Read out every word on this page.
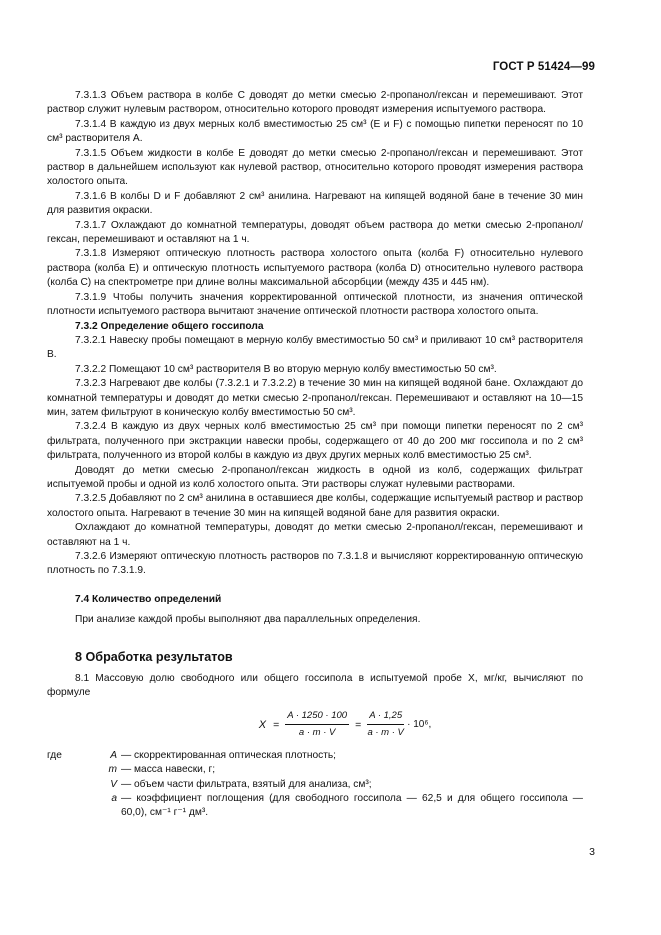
ГОСТ Р 51424—99

7.3.1.3 Объем раствора в колбе C доводят до метки смесью 2-пропанол/гексан и перемешивают. Этот раствор служит нулевым раствором, относительно которого проводят измерения испытуемого раствора.

7.3.1.4 В каждую из двух мерных колб вместимостью 25 см³ (E и F) с помощью пипетки переносят по 10 см³ растворителя A.

7.3.1.5 Объем жидкости в колбе E доводят до метки смесью 2-пропанол/гексан и перемешивают. Этот раствор в дальнейшем используют как нулевой раствор, относительно которого проводят измерения раствора холостого опыта.

7.3.1.6 В колбы D и F добавляют 2 см³ анилина. Нагревают на кипящей водяной бане в течение 30 мин для развития окраски.

7.3.1.7 Охлаждают до комнатной температуры, доводят объем раствора до метки смесью 2-пропанол/гексан, перемешивают и оставляют на 1 ч.

7.3.1.8 Измеряют оптическую плотность раствора холостого опыта (колба F) относительно нулевого раствора (колба E) и оптическую плотность испытуемого раствора (колба D) относительно нулевого раствора (колба C) на спектрометре при длине волны максимальной абсорбции (между 435 и 445 нм).

7.3.1.9 Чтобы получить значения корректированной оптической плотности, из значения оптической плотности испытуемого раствора вычитают значение оптической плотности раствора холостого опыта.

7.3.2 Определение общего госсипола

7.3.2.1 Навеску пробы помещают в мерную колбу вместимостью 50 см³ и приливают 10 см³ растворителя B.

7.3.2.2 Помещают 10 см³ растворителя B во вторую мерную колбу вместимостью 50 см³.

7.3.2.3 Нагревают две колбы (7.3.2.1 и 7.3.2.2) в течение 30 мин на кипящей водяной бане. Охлаждают до комнатной температуры и доводят до метки смесью 2-пропанол/гексан. Перемешивают и оставляют на 10—15 мин, затем фильтруют в коническую колбу вместимостью 50 см³.

7.3.2.4 В каждую из двух черных колб вместимостью 25 см³ при помощи пипетки переносят по 2 см³ фильтрата, полученного при экстракции навески пробы, содержащего от 40 до 200 мкг госсипола и по 2 см³ фильтрата, полученного из второй колбы в каждую из двух других мерных колб вместимостью 25 см³.

Доводят до метки смесью 2-пропанол/гексан жидкость в одной из колб, содержащих фильтрат испытуемой пробы и одной из колб холостого опыта. Эти растворы служат нулевыми растворами.

7.3.2.5 Добавляют по 2 см³ анилина в оставшиеся две колбы, содержащие испытуемый раствор и раствор холостого опыта. Нагревают в течение 30 мин на кипящей водяной бане для развития окраски.

Охлаждают до комнатной температуры, доводят до метки смесью 2-пропанол/гексан, перемешивают и оставляют на 1 ч.

7.3.2.6 Измеряют оптическую плотность растворов по 7.3.1.8 и вычисляют корректированную оптическую плотность по 7.3.1.9.

7.4 Количество определений

При анализе каждой пробы выполняют два параллельных определения.

8 Обработка результатов

8.1 Массовую долю свободного или общего госсипола в испытуемой пробе X, мг/кг, вычисляют по формуле

$X = \frac{A \cdot 1250 \cdot 100}{a \cdot m \cdot V} = \frac{A \cdot 1,25}{a \cdot m \cdot V} \cdot 10^6$,
где	A — скорректированная оптическая плотность;
m — масса навески, г;
V — объем части фильтрата, взятый для анализа, см³;
a — коэффициент поглощения (для свободного госсипола — 62,5 и для общего госсипола — 60,0), см⁻¹ г⁻¹ дм³.
3
